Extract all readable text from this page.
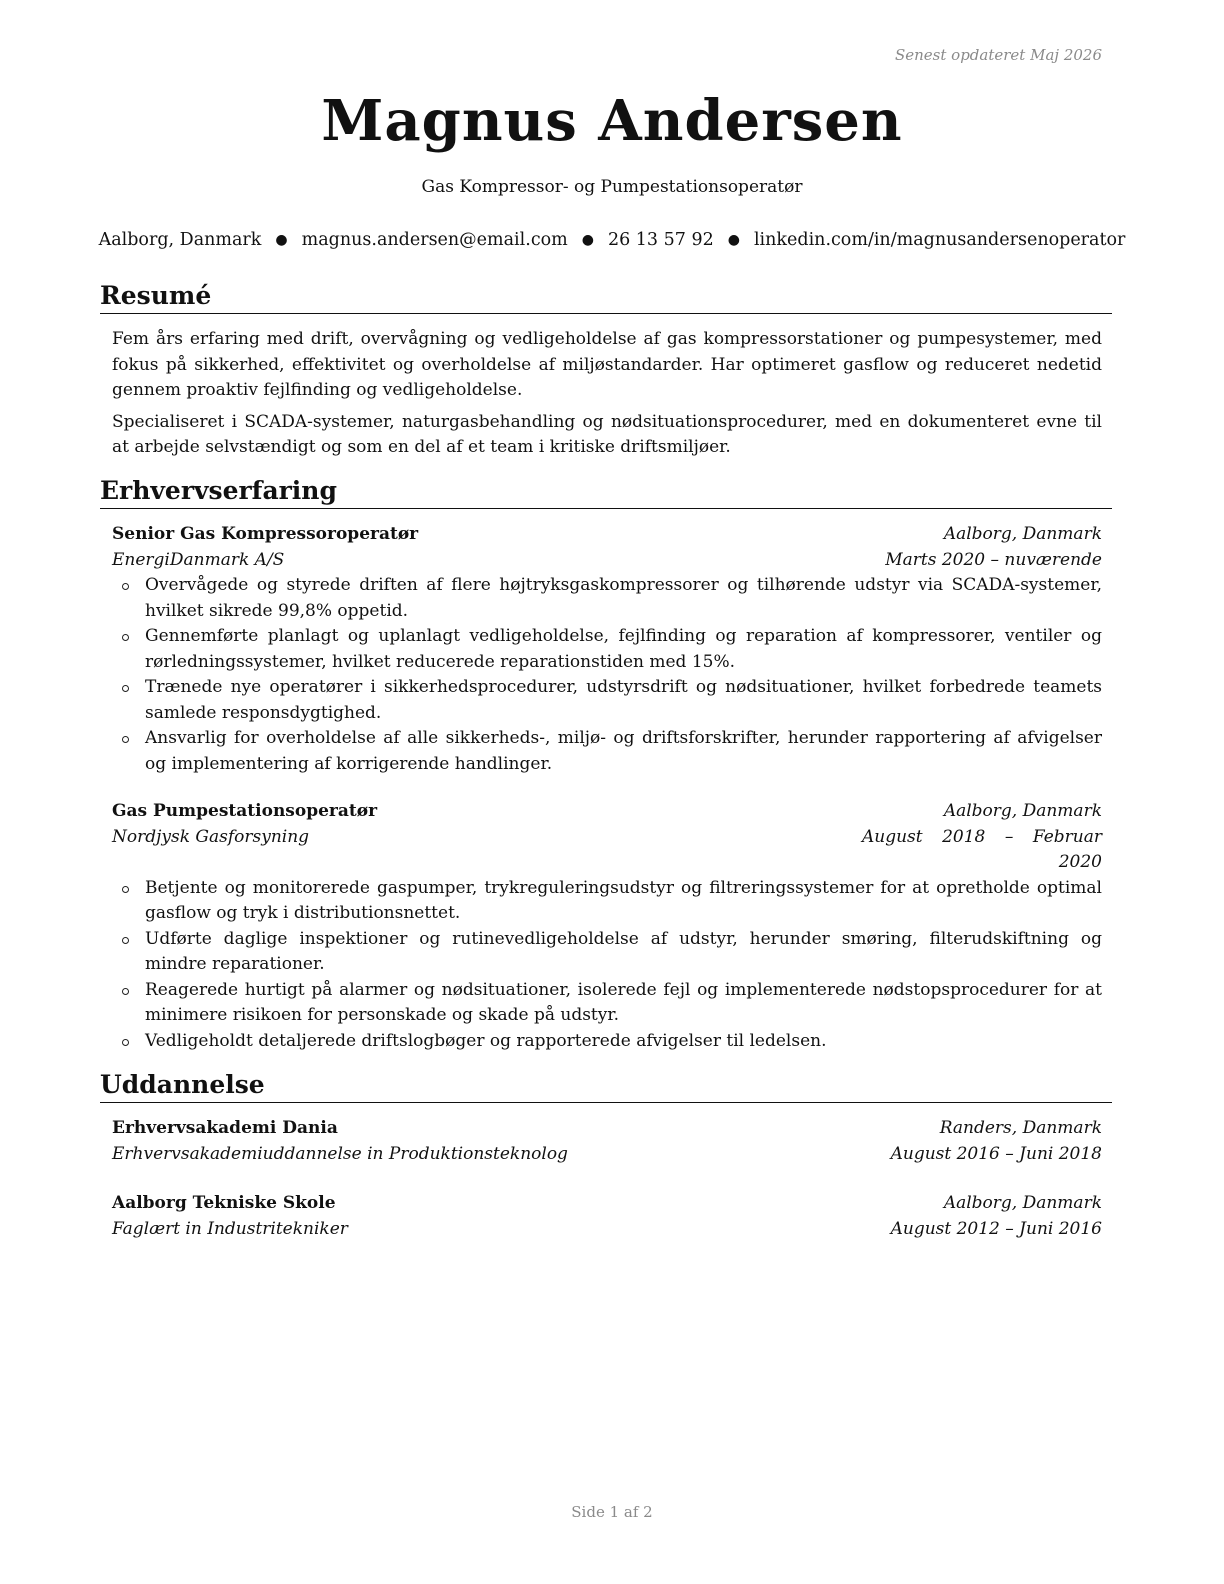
Senest opdateret Maj 2026
Magnus Andersen
Gas Kompressor- og Pumpestationsoperatør
Aalborg, Danmark ● magnus.andersen@email.com ● 26 13 57 92 ● linkedin.com/in/magnusandersenoperator
Resumé

Fem års erfaring med drift, overvågning og vedligeholdelse af gas kompressorstationer og pumpesystemer, med fokus på sikkerhed, effektivitet og overholdelse af miljøstandarder. Har optimeret gasflow og reduceret nedetid gennem proaktiv fejlfinding og vedligeholdelse.

Specialiseret i SCADA-systemer, naturgasbehandling og nødsituationsprocedurer, med en dokumenteret evne til at arbejde selvstændigt og som en del af et team i kritiske driftsmiljøer.

Erhvervserfaring
Senior Gas Kompressoroperatør	Aalborg, Danmark
EnergiDanmark A/S	Marts 2020 – nuværende
Overvågede og styrede driften af flere højtryksgaskompressorer og tilhørende udstyr via SCADA-systemer, hvilket sikrede 99,8% oppetid.
Gennemførte planlagt og uplanlagt vedligeholdelse, fejlfinding og reparation af kompressorer, ventiler og rørledningssystemer, hvilket reducerede reparationstiden med 15%.
Trænede nye operatører i sikkerhedsprocedurer, udstyrsdrift og nødsituationer, hvilket forbedrede teamets samlede responsdygtighed.
Ansvarlig for overholdelse af alle sikkerheds-, miljø- og driftsforskrifter, herunder rapportering af afvigelser og implementering af korrigerende handlinger.
Gas Pumpestationsoperatør	Aalborg, Danmark
Nordjysk Gasforsyning	August 2018 – Februar 2020
Betjente og monitorerede gaspumper, trykreguleringsudstyr og filtreringssystemer for at opretholde optimal gasflow og tryk i distributionsnettet.
Udførte daglige inspektioner og rutinevedligeholdelse af udstyr, herunder smøring, filterudskiftning og mindre reparationer.
Reagerede hurtigt på alarmer og nødsituationer, isolerede fejl og implementerede nødstopsprocedurer for at minimere risikoen for personskade og skade på udstyr.
Vedligeholdt detaljerede driftslogbøger og rapporterede afvigelser til ledelsen.
Uddannelse
Erhvervsakademi Dania	Randers, Danmark
Erhvervsakademiuddannelse in Produktionsteknolog	August 2016 – Juni 2018
Aalborg Tekniske Skole	Aalborg, Danmark
Faglært in Industritekniker	August 2012 – Juni 2016
Side 1 af 2
